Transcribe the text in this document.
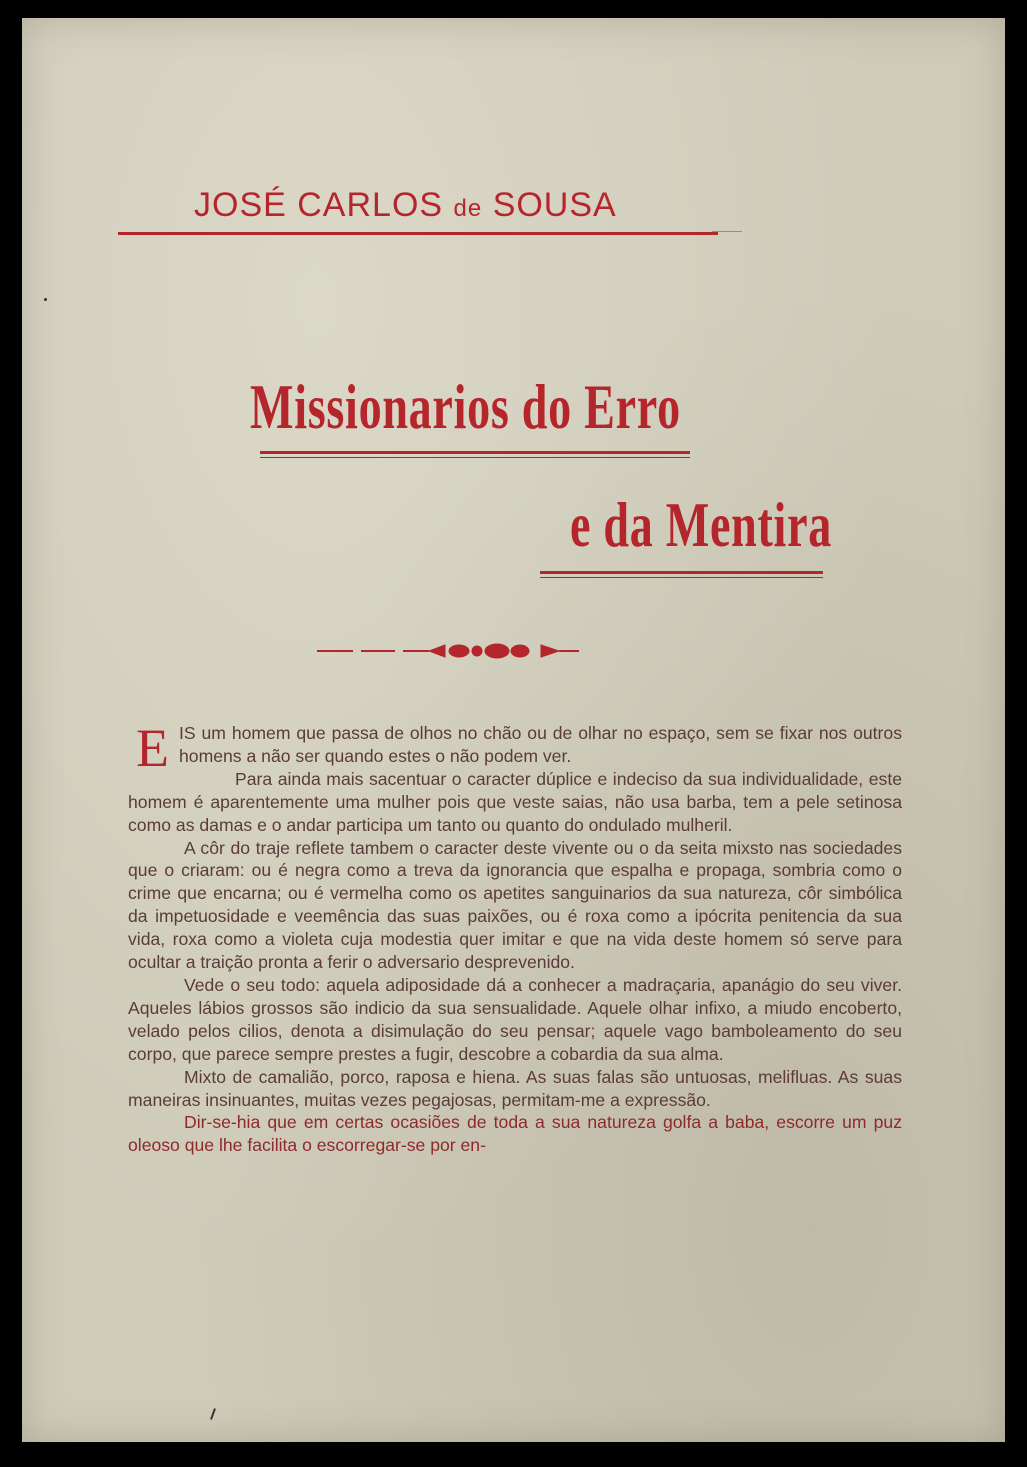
JOSÉ CARLOS de SOUSA
Missionarios do Erro
e da Mentira

EIS um homem que passa de olhos no chão ou de olhar no espaço, sem se fixar nos outros homens a não ser quando estes o não podem ver.

Para ainda mais sacentuar o caracter dúplice e indeciso da sua individualidade, este homem é aparentemente uma mulher pois que veste saias, não usa barba, tem a pele setinosa como as damas e o andar participa um tanto ou quanto do ondulado mulheril.

A côr do traje reflete tambem o caracter deste vivente ou o da seita mixsto nas sociedades que o criaram: ou é negra como a treva da ignorancia que espalha e propaga, sombria como o crime que encarna; ou é vermelha como os apetites sanguinarios da sua natureza, côr simbólica da impetuosidade e veemência das suas paixões, ou é roxa como a ipócrita penitencia da sua vida, roxa como a violeta cuja modestia quer imitar e que na vida deste homem só serve para ocultar a traição pronta a ferir o adversario desprevenido.

Vede o seu todo: aquela adiposidade dá a conhecer a madraçaria, apanágio do seu viver. Aqueles lábios grossos são indicio da sua sensualidade. Aquele olhar infixo, a miudo encoberto, velado pelos cilios, denota a disimulação do seu pensar; aquele vago bamboleamento do seu corpo, que parece sempre prestes a fugir, descobre a cobardia da sua alma.

Mixto de camalião, porco, raposa e hiena. As suas falas são untuosas, melifluas. As suas maneiras insinuantes, muitas vezes pegajosas, permitam-me a expressão.

Dir-se-hia que em certas ocasiões de toda a sua natureza golfa a baba, escorre um puz oleoso que lhe facilita o escorregar-se por en-
